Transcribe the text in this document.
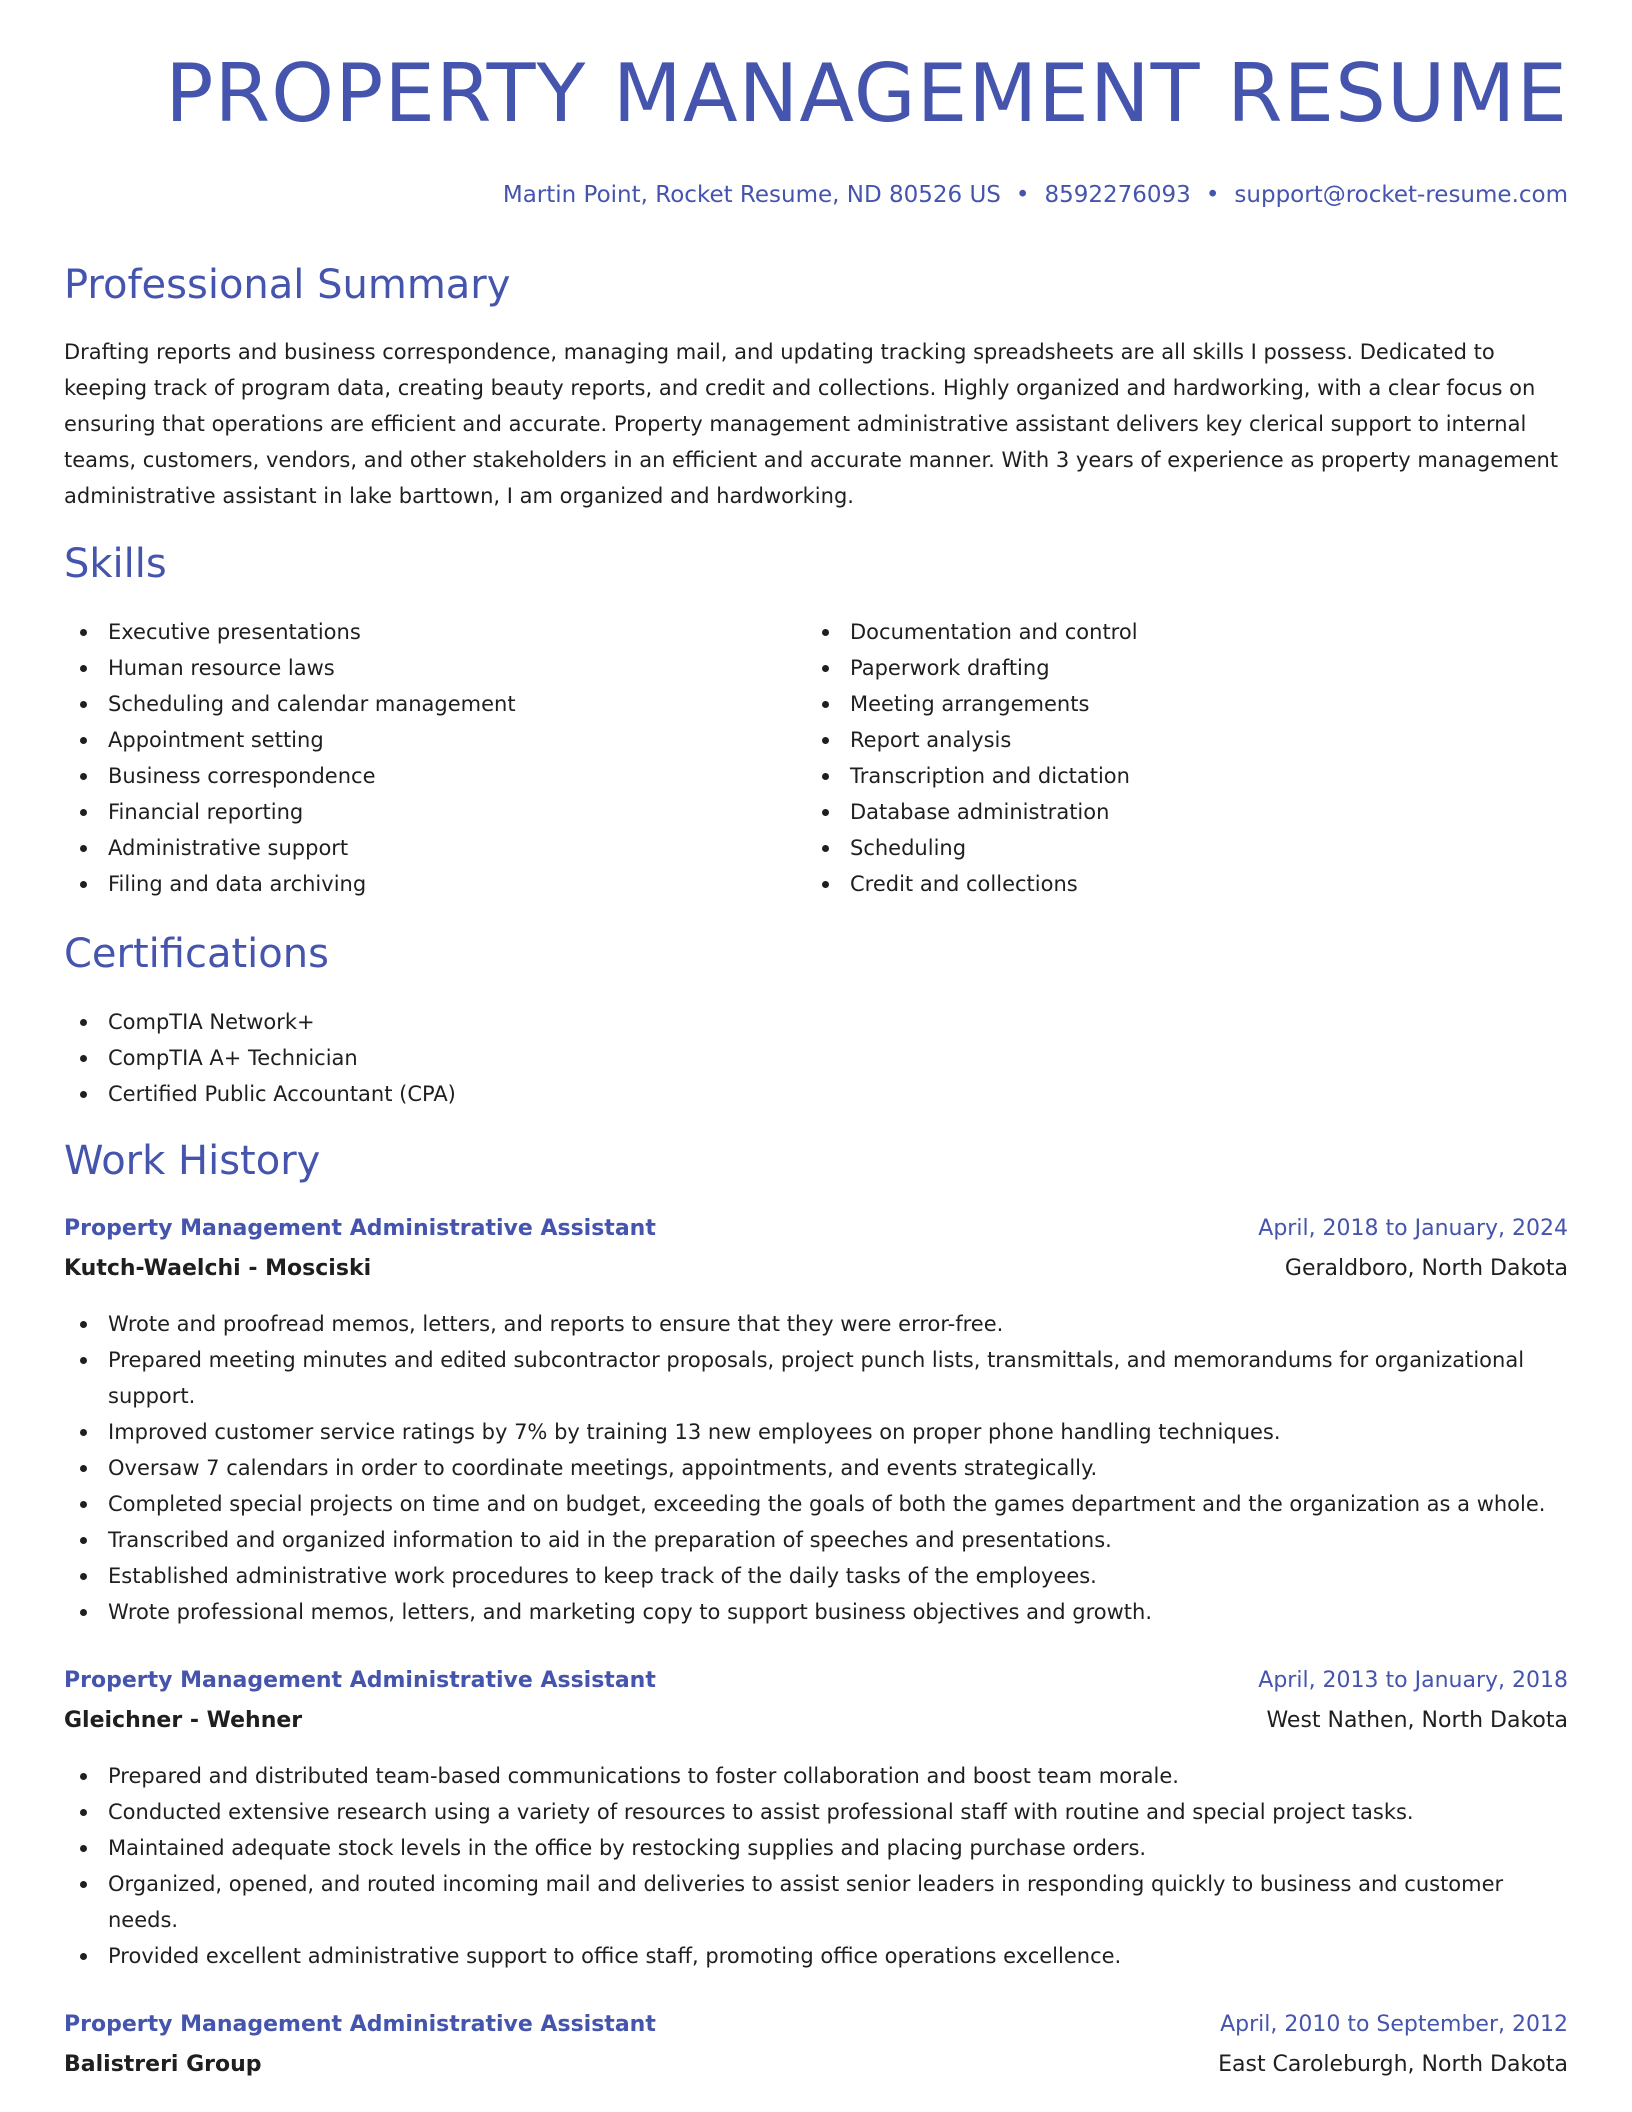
PROPERTY MANAGEMENT RESUME
Martin Point, Rocket Resume, ND 80526 US • 8592276093 • support@rocket-resume.com
Professional Summary

Drafting reports and business correspondence, managing mail, and updating tracking spreadsheets are all skills I possess. Dedicated to keeping track of program data, creating beauty reports, and credit and collections. Highly organized and hardworking, with a clear focus on ensuring that operations are efficient and accurate. Property management administrative assistant delivers key clerical support to internal teams, customers, vendors, and other stakeholders in an efficient and accurate manner. With 3 years of experience as property management administrative assistant in lake barttown, I am organized and hardworking.

Skills
Executive presentations
Human resource laws
Scheduling and calendar management
Appointment setting
Business correspondence
Financial reporting
Administrative support
Filing and data archiving
Documentation and control
Paperwork drafting
Meeting arrangements
Report analysis
Transcription and dictation
Database administration
Scheduling
Credit and collections
Certifications
CompTIA Network+
CompTIA A+ Technician
Certified Public Accountant (CPA)
Work History
Property Management Administrative Assistant	April, 2018 to January, 2024
Kutch-Waelchi - Mosciski	Geraldboro, North Dakota
Wrote and proofread memos, letters, and reports to ensure that they were error-free.
Prepared meeting minutes and edited subcontractor proposals, project punch lists, transmittals, and memorandums for organizational support.
Improved customer service ratings by 7% by training 13 new employees on proper phone handling techniques.
Oversaw 7 calendars in order to coordinate meetings, appointments, and events strategically.
Completed special projects on time and on budget, exceeding the goals of both the games department and the organization as a whole.
Transcribed and organized information to aid in the preparation of speeches and presentations.
Established administrative work procedures to keep track of the daily tasks of the employees.
Wrote professional memos, letters, and marketing copy to support business objectives and growth.
Property Management Administrative Assistant	April, 2013 to January, 2018
Gleichner - Wehner	West Nathen, North Dakota
Prepared and distributed team-based communications to foster collaboration and boost team morale.
Conducted extensive research using a variety of resources to assist professional staff with routine and special project tasks.
Maintained adequate stock levels in the office by restocking supplies and placing purchase orders.
Organized, opened, and routed incoming mail and deliveries to assist senior leaders in responding quickly to business and customer needs.
Provided excellent administrative support to office staff, promoting office operations excellence.
Property Management Administrative Assistant	April, 2010 to September, 2012
Balistreri Group	East Caroleburgh, North Dakota
